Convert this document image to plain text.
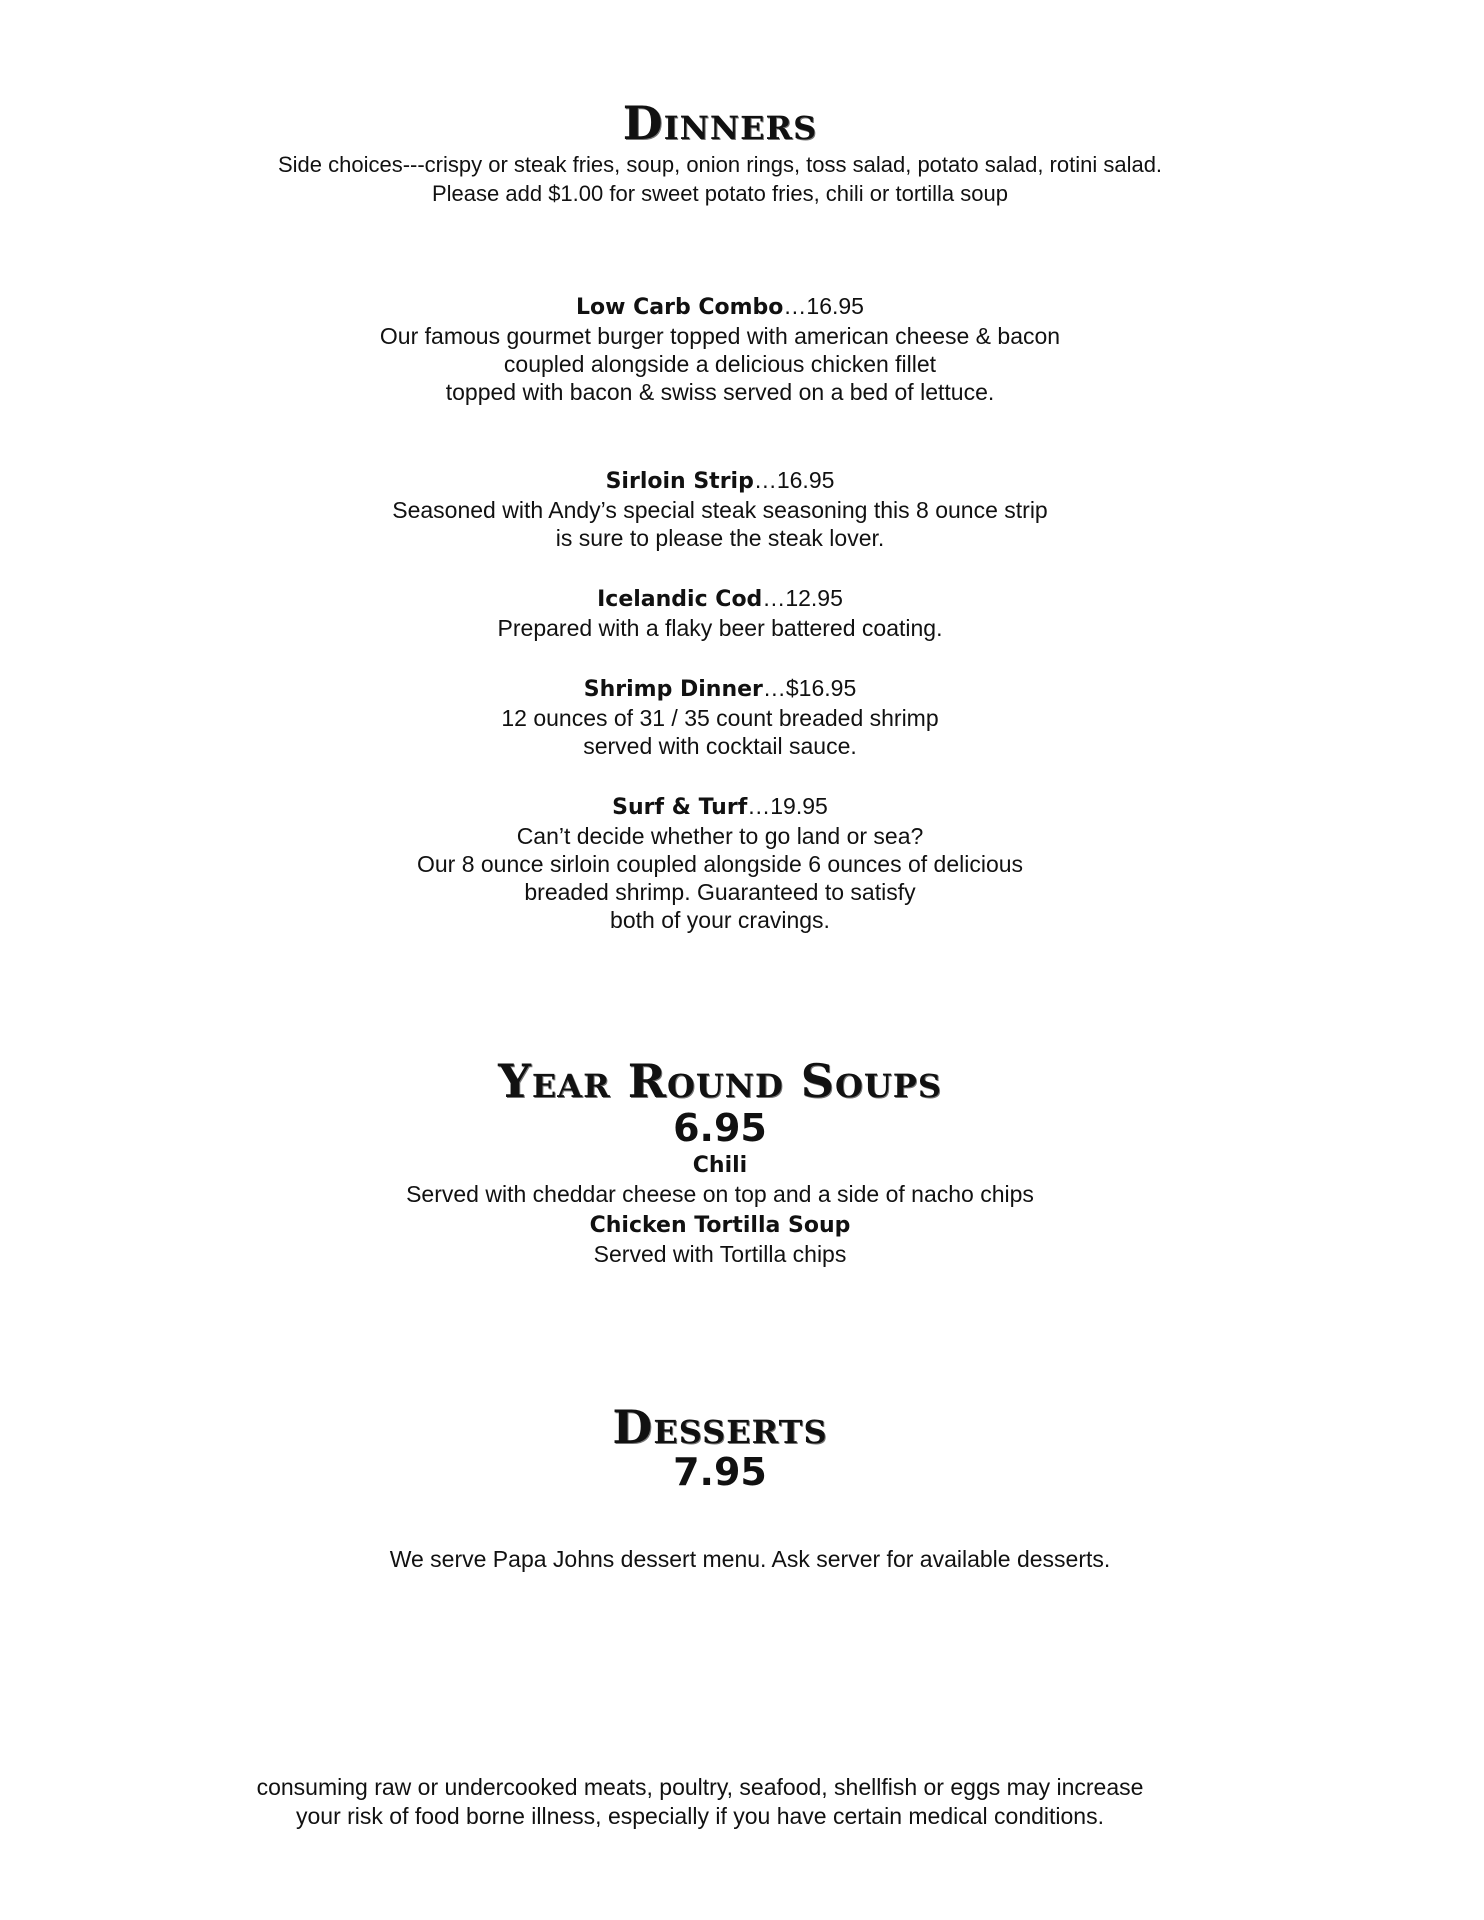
Dinners
Side choices---crispy or steak fries, soup, onion rings, toss salad, potato salad, rotini salad.
Please add $1.00 for sweet potato fries, chili or tortilla soup
Low Carb Combo…16.95
Our famous gourmet burger topped with american cheese & bacon
coupled alongside a delicious chicken fillet
topped with bacon & swiss served on a bed of lettuce.
Sirloin Strip…16.95
Seasoned with Andy’s special steak seasoning this 8 ounce strip
is sure to please the steak lover.
Icelandic Cod…12.95
Prepared with a flaky beer battered coating.
Shrimp Dinner…$16.95
12 ounces of 31 / 35 count breaded shrimp
served with cocktail sauce.
Surf & Turf…19.95
Can’t decide whether to go land or sea?
Our 8 ounce sirloin coupled alongside 6 ounces of delicious
breaded shrimp. Guaranteed to satisfy
both of your cravings.
Year Round Soups
6.95
Chili
Served with cheddar cheese on top and a side of nacho chips
Chicken Tortilla Soup
Served with Tortilla chips
Desserts
7.95
We serve Papa Johns dessert menu. Ask server for available desserts.
consuming raw or undercooked meats, poultry, seafood, shellfish or eggs may increase
your risk of food borne illness, especially if you have certain medical conditions.
